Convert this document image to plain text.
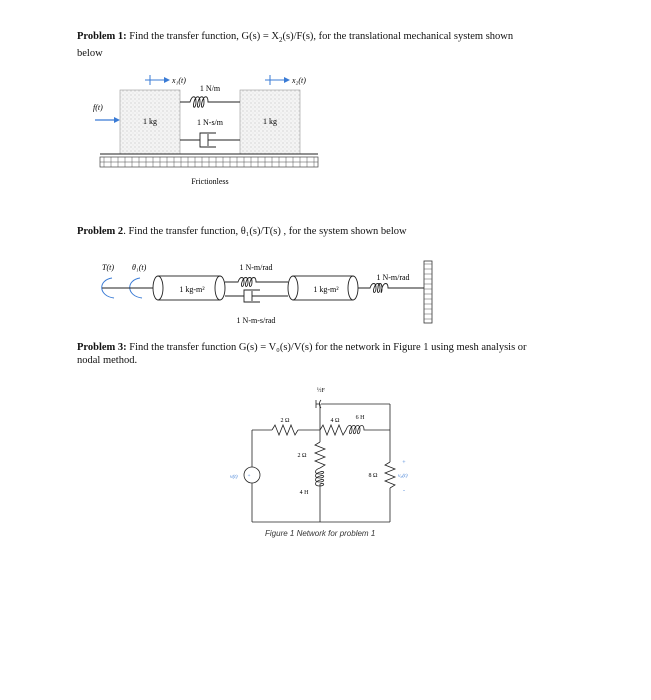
Problem 1: Find the transfer function, $G(s) = X_2(s)/F(s)$, for the translational mechanical system shown
below
x₁(t)	x₂(t)
f(t)
1 kg	1 kg
1 N/m
1 N-s/m
Frictionless
Problem 2. Find the transfer function, θ₁(s)/T(s) , for the system shown below
T(t) θ₁(t)
1 kg-m²
1 N-m/rad
1 N-m-s/rad
1 kg-m²
1 N-m/rad
Problem 3: Find the transfer function G(s) = V₀(s)/V(s) for the network in Figure 1 using mesh analysis or
nodal method.
+
v(t)
½F
2 Ω	4 Ω	6 H
2 Ω
4 H
8 Ω
+
v₀(t)
-
Figure 1 Network for problem 1
